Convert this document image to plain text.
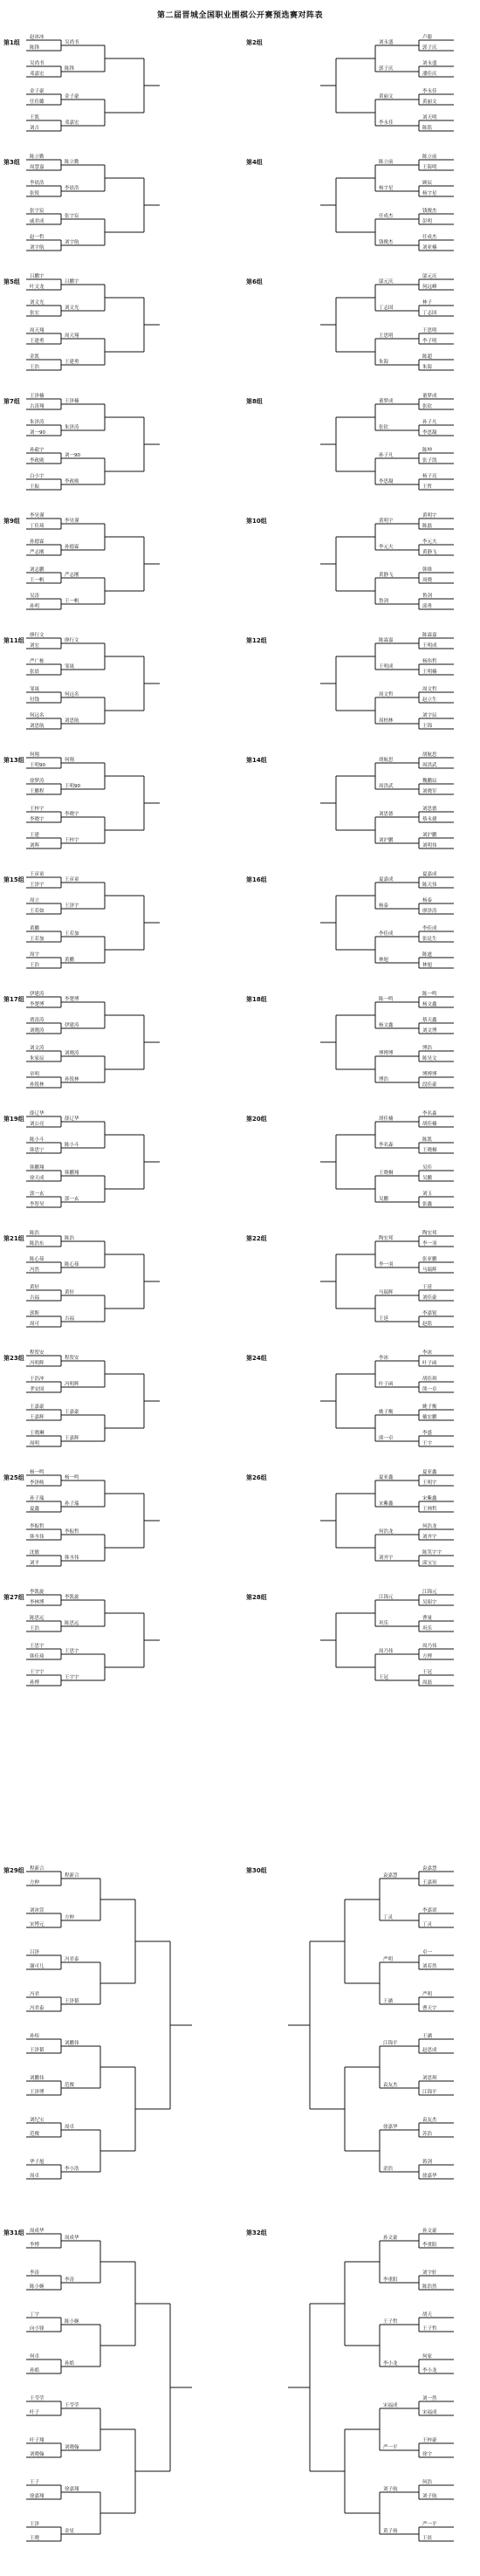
第二届晋城全国职业围棋公开赛预选赛对阵表
第1组
赵冰冰
陈锋
吴尚书
邓嘉宏
金子豪
任佳璐
王凯
刘吉
吴尚书
陈锋
金子豪
邓嘉宏
第2组
卢聪
郭子庆
刘永盛
潘佳庆
李永佳
黄丽文
刘天明
陈铭
刘永盛
郭子庆
黄丽文
李永佳
第3组
陈立勤
周慧嘉
李晨浩
张锐
张宇宸
戚君成
赵一哲
刘宇航
陈立勤
李晨浩
张宇宸
刘宇航
第4组
陈立前
王海明
顾辰
杨宇星
钱俊杰
彭明
任成杰
刘亚楠
陈立前
杨宇星
任成杰
钱俊杰
第5组
吕鹏宇
叶文龙
刘文光
张宏
周天翔
王建勇
金凯
王浩
吕鹏宇
刘文光
周天翔
王建勇
第6组
邬元庆
何远峰
林子
丁志国
王思明
李子明
陈超
朱海
邬元庆
丁志国
王思明
朱海
第7组
王泽楠
古涛翔
朱泽涛
刘一90
孙毅宇
李政勋
白小宇
王振
王泽楠
朱泽涛
刘一90
李政勋
第8组
董梦成
张钦
孙子凡
李思凝
陈坤
张子凯
杨子亮
王哲
董梦成
张钦
孙子凡
李思凝
第9组
李昊谨
丁佳琦
孙德霖
严志刚
刘志鹏
王一帆
吴涛
孙明
李昊谨
孙德霖
严志刚
王一帆
第10组
黄明宇
陈磊
李元夫
黄静飞
韩维
周晓
鲁剑
邱勇
黄明宇
李元夫
黄静飞
鲁剑
第11组
廖行文
刘宏
严广栋
张晨
邹晟
付钱
何远名
刘思航
廖行文
邹晟
何远名
刘思航
第12组
陈霖嘉
王明成
杨伟哲
王明楠
周文哲
赵立生
刘宇辰
王锦
陈霖嘉
王明成
周文哲
周柏林
第13组
何翔
王明90
徐梦涛
王鹏程
王梓宇
李晓宇
王建
刘晖
何翔
王明90
李晓宇
王梓宇
第14组
胡航思
周洪武
魏鹏辰
刘晓军
刘思德
蔡永捷
刘沪鹏
刘明伟
胡航思
周洪武
刘思德
刘沪鹏
第15组
王彦童
王泽宇
周立
王若如
黄鹏
王若加
周宇
王浩
王彦童
王泽宇
王若加
黄鹏
第16组
夏嘉成
陈天伟
杨泰
廖泽涛
李佳成
张昆生
陈霆
林旭
夏嘉成
杨泰
李佳成
林旭
第17组
伊建涛
李楚博
贾涛涛
刘晓涛
刘文涛
朱家辰
章明
孙锐林
李楚博
伊建涛
刘晓涛
孙锐林
第18组
陈一鸣
杨文鑫
蔡天鑫
刘文博
博浩
陈昊文
博博博
段佳豪
陈一鸣
杨文鑫
博博博
博浩
第19组
薛辽华
刘公亮
陈小斗
韩思宁
韩鹏翔
徐天成
郭一玄
李智昊
薛辽华
陈小斗
韩鹏翔
郭一玄
第20组
李名森
胡佳楠
陈凯
王晓桐
吴佳
吴鹏
刘玉
张鑫
胡佳楠
李名森
王晓桐
吴鹏
第21组
陈浩
陈浩东
陈心茹
冯然
黄轩
吉福
郭斯
周可
陈浩
陈心茹
黄轩
吉福
第22组
陶宏邦
李一羽
张亚鹏
马瑞辉
王延
刘佳豪
李嘉锐
赵铭
陶宏邦
李一羽
马瑞辉
王延
第23组
程贺安
冯明辉
于浩冲
孝安国
王嘉豪
王嘉辉
王晓琳
周明
程贺安
冯明辉
王嘉豪
王嘉辉
第24组
李冰
叶子函
胡佳琪
熊一卓
姚子衡
戴宏鹏
李盛
王宇
李冰
叶子函
姚子衡
熊一卓
第25组
杨一鸣
李泽岐
孙子瑞
夏鑫
李振哲
韩丞伟
沈敏
刘平
杨一鸣
孙子瑞
李振哲
韩丞伟
第26组
夏亚鑫
王明宇
宋紫鑫
王帅哲
何浩龙
刘齐宇
陈笑宇宇
邱宝宝
夏亚鑫
宋紫鑫
何浩龙
刘齐宇
第27组
李凯旋
李林博
陈思远
王浩
王思宇
韩佳琦
王宇宇
孙博
李凯旋
陈思远
王思宇
王宇宇
第28组
江锦元
吴昭宇
曹量
巩乐
周乃伟
方博
王冠
周磊
江锦元
巩乐
周乃伟
王冠
第29组 程新合
方伸
刘冰萱
宋博元
吕泽
谢可儿
冯君
冯君泰
孙炜
王泽韬
刘鹏伟
王泽博
刘纪宝
范俊
华子旭
周卓
程新合
方伸
冯君泰
王泽韬
刘鹏伟
范俊
周卓
李小浩
第30组	袁嘉慧
王嘉琪
李嘉诺
丁灵
卓一
刘若然
严明
曹天宇
王涵
赵思成
刘思琪
江锦平
袁友杰
苏浩
蒋剑
徐嘉华
袁嘉慧
丁灵
严明
王涵
江锦平
袁友杰
徐嘉华
余浩
第31组 周成华
李博
李涛
陈小婉
丁宇
向小锋
何卓
孙皓
王莹莹
叶子
叶子翔
刘晓翰
王子
徐嘉翔
王泽
王晓
周成华
李涛
陈小婉
孙皓
王莹莹
刘晓翰
徐嘉翔
金星
第32组	孙文豪
李重阳
刘宇轩
陈浩然
胡天
王子哲
何家
李小龙
刘一然
宋福成
王梓豪
徐宇
何浩
刘子航
严一平
王晨
孙文豪
李重阳
王子哲
李小龙
宋福成
严一平
刘子航
黄子扬
